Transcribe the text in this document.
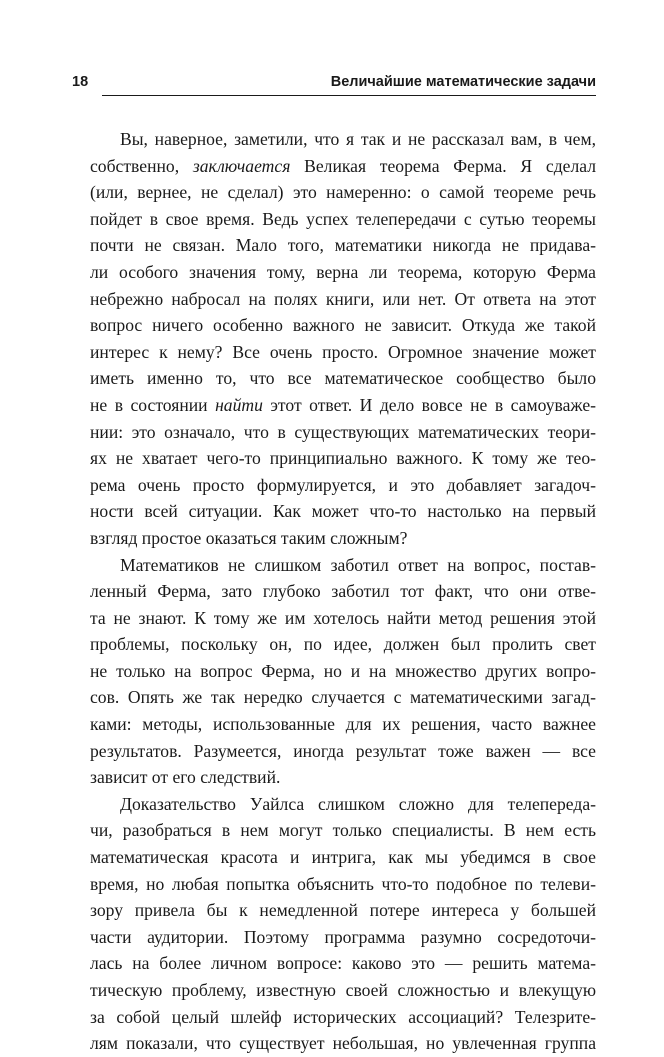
18	Величайшие математические задачи
Вы, наверное, заметили, что я так и не рассказал вам, в чем,
собственно, заключается Великая теорема Ферма. Я сделал
(или, вернее, не сделал) это намеренно: о самой теореме речь
пойдет в свое время. Ведь успех телепередачи с сутью теоремы
почти не связан. Мало того, математики никогда не придава-
ли особого значения тому, верна ли теорема, которую Ферма
небрежно набросал на полях книги, или нет. От ответа на этот
вопрос ничего особенно важного не зависит. Откуда же такой
интерес к нему? Все очень просто. Огромное значение может
иметь именно то, что все математическое сообщество было
не в состоянии найти этот ответ. И дело вовсе не в самоуваже-
нии: это означало, что в существующих математических теори-
ях не хватает чего-то принципиально важного. К тому же теo-
рема очень просто формулируется, и это добавляет загадоч-
ности всей ситуации. Как может что-то настолько на первый
взгляд простое оказаться таким сложным?
Математиков не слишком заботил ответ на вопрос, постав-
ленный Ферма, зато глубоко заботил тот факт, что они отве-
та не знают. К тому же им хотелось найти метод решения этой
проблемы, поскольку он, по идее, должен был пролить свет
не только на вопрос Ферма, но и на множество других вопро-
сов. Опять же так нередко случается с математическими загад-
ками: методы, использованные для их решения, часто важнее
результатов. Разумеется, иногда результат тоже важен — все
зависит от его следствий.
Доказательство Уайлса слишком сложно для телепереда-
чи, разобраться в нем могут только специалисты. В нем есть
математическая красота и интрига, как мы убедимся в свое
время, но любая попытка объяснить что-то подобное по телеви-
зору привела бы к немедленной потере интереса у большей
части аудитории. Поэтому программа разумно сосредоточи-
лась на более личном вопросе: каково это — решить матема-
тическую проблему, известную своей сложностью и влекущую
за собой целый шлейф исторических ассоциаций? Телезрите-
лям показали, что существует небольшая, но увлеченная группа
